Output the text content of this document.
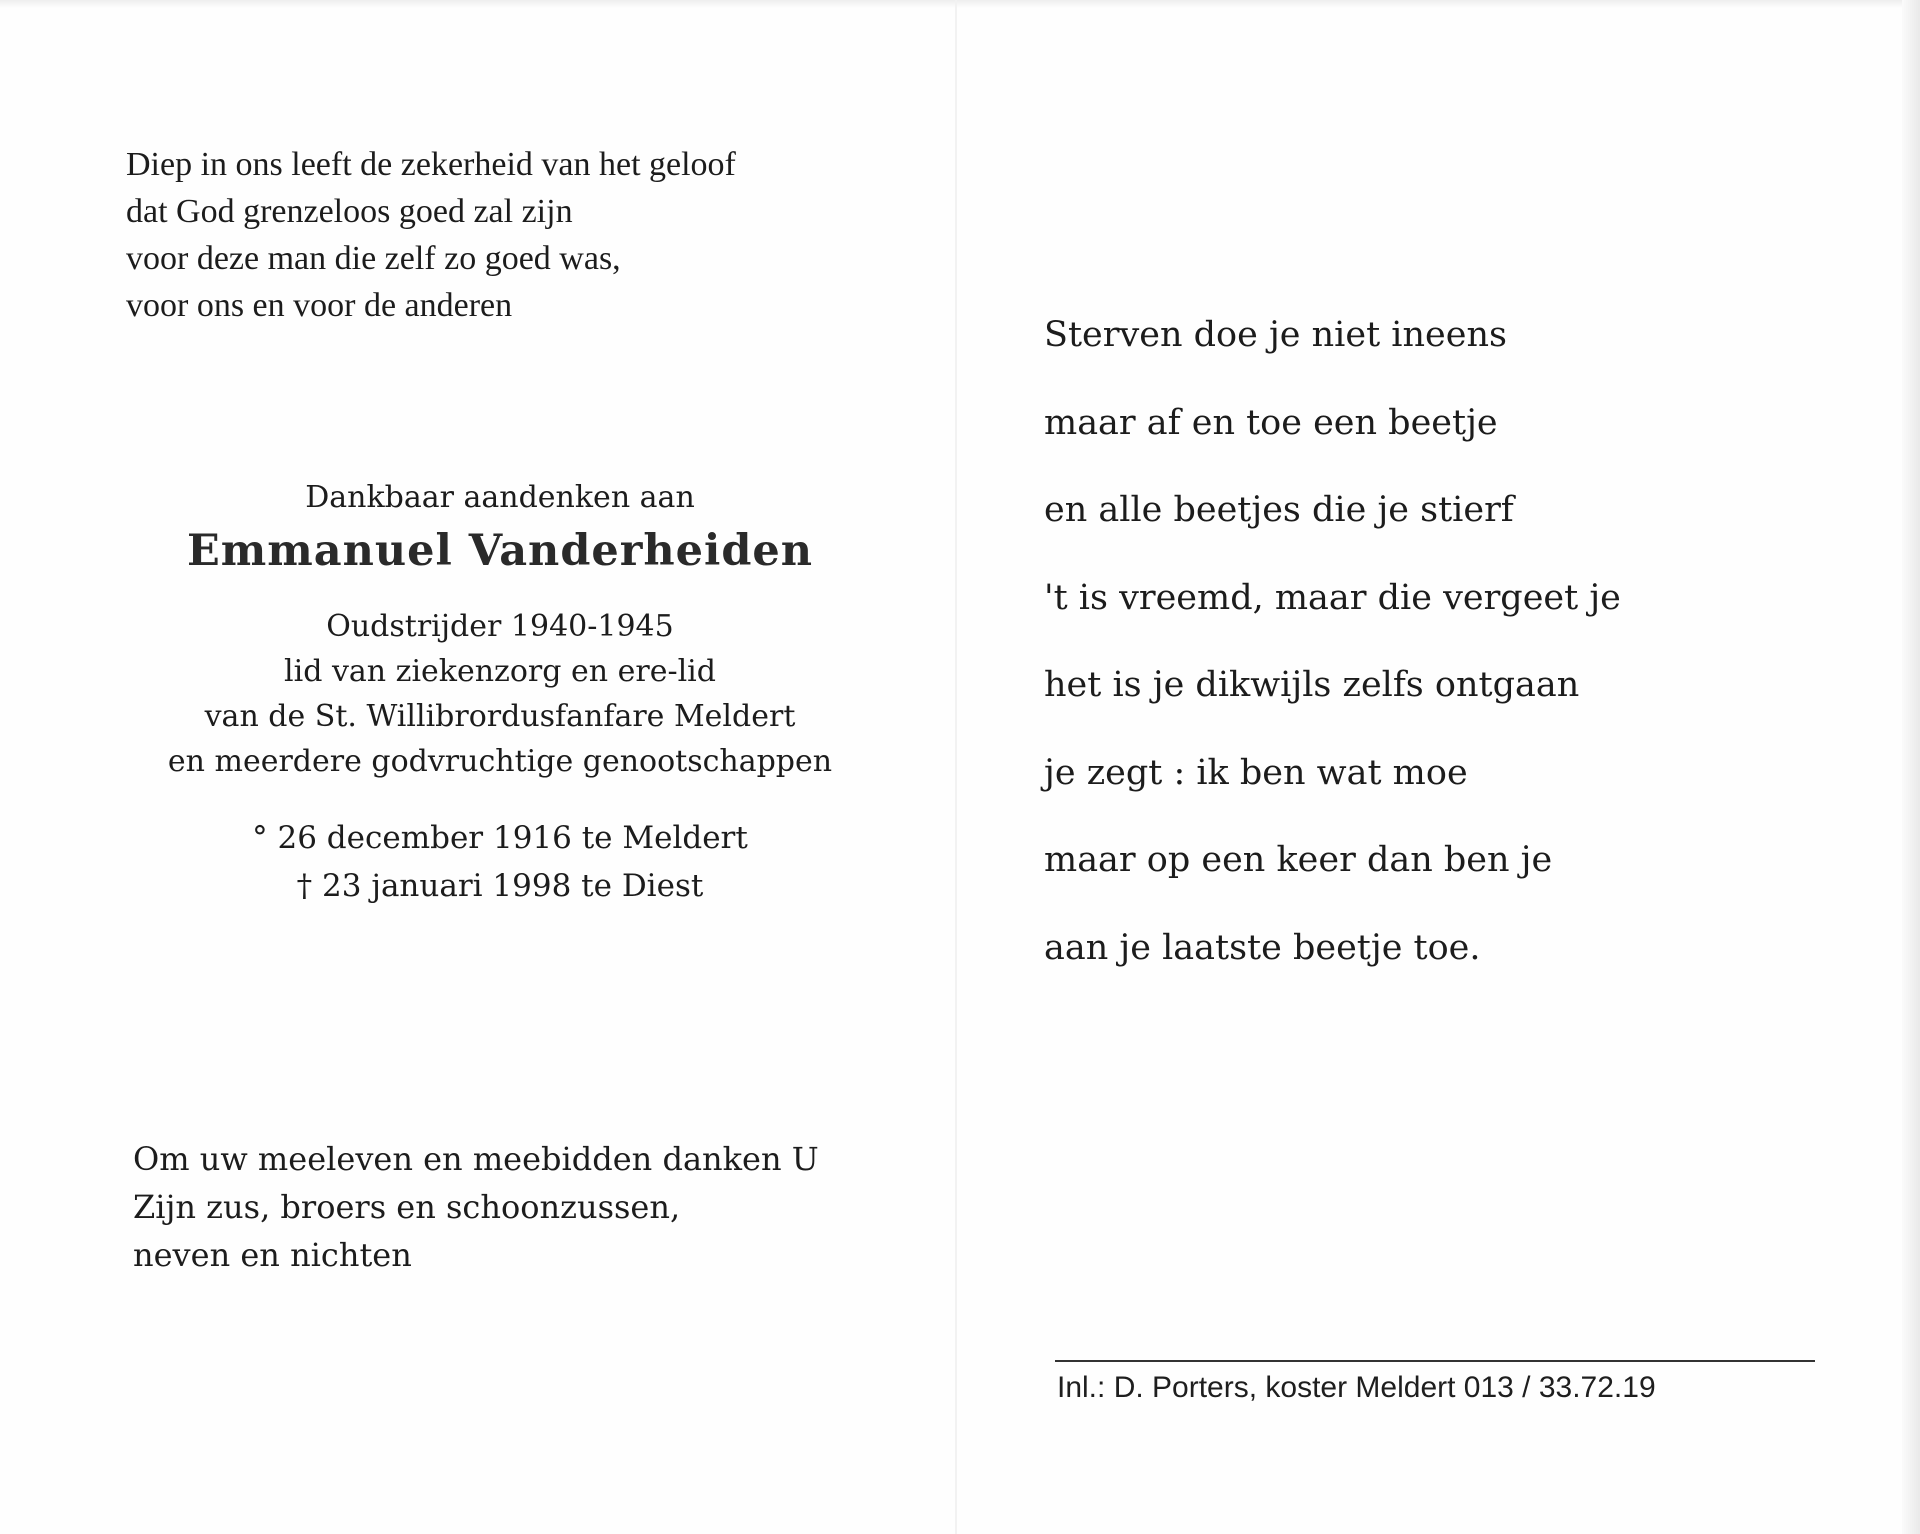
Diep in ons leeft de zekerheid van het geloof
dat God grenzeloos goed zal zijn
voor deze man die zelf zo goed was,
voor ons en voor de anderen
Dankbaar aandenken aan
Emmanuel Vanderheiden
Oudstrijder 1940-1945
lid van ziekenzorg en ere-lid
van de St. Willibrordusfanfare Meldert
en meerdere godvruchtige genootschappen
° 26 december 1916 te Meldert
† 23 januari 1998 te Diest
Om uw meeleven en meebidden danken U
Zijn zus, broers en schoonzussen,
neven en nichten
Sterven doe je niet ineens
maar af en toe een beetje
en alle beetjes die je stierf
't is vreemd, maar die vergeet je
het is je dikwijls zelfs ontgaan
je zegt : ik ben wat moe
maar op een keer dan ben je
aan je laatste beetje toe.
Inl.: D. Porters, koster Meldert 013 / 33.72.19
